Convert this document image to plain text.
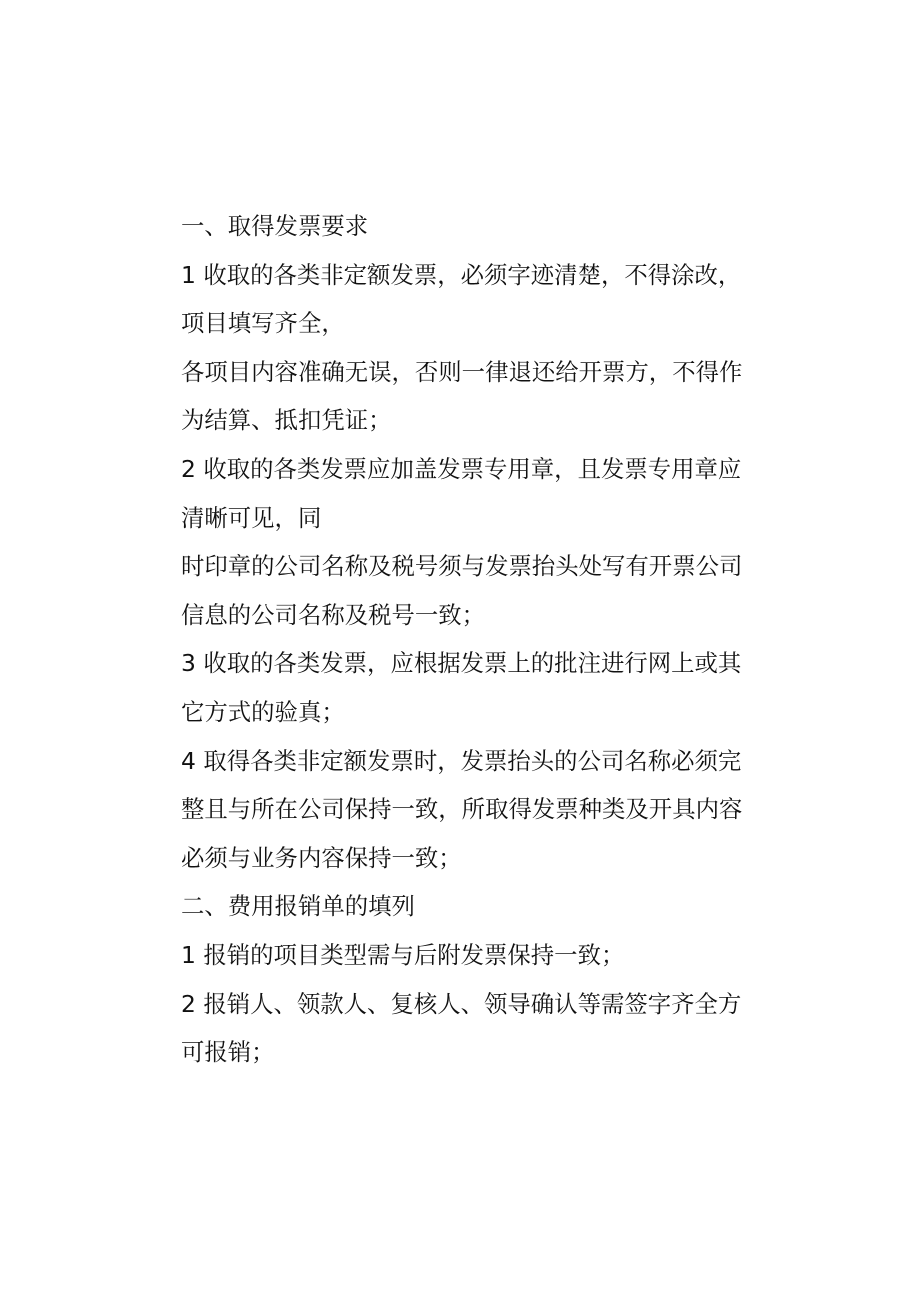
一、取得发票要求
1 收取的各类非定额发票，必须字迹清楚，不得涂改，
项目填写齐全，
各项目内容准确无误，否则一律退还给开票方，不得作
为结算、抵扣凭证；
2 收取的各类发票应加盖发票专用章，且发票专用章应
清晰可见，同
时印章的公司名称及税号须与发票抬头处写有开票公司
信息的公司名称及税号一致；
3 收取的各类发票，应根据发票上的批注进行网上或其
它方式的验真；
4 取得各类非定额发票时，发票抬头的公司名称必须完
整且与所在公司保持一致，所取得发票种类及开具内容
必须与业务内容保持一致；
二、费用报销单的填列
1 报销的项目类型需与后附发票保持一致；
2 报销人、领款人、复核人、领导确认等需签字齐全方
可报销；
